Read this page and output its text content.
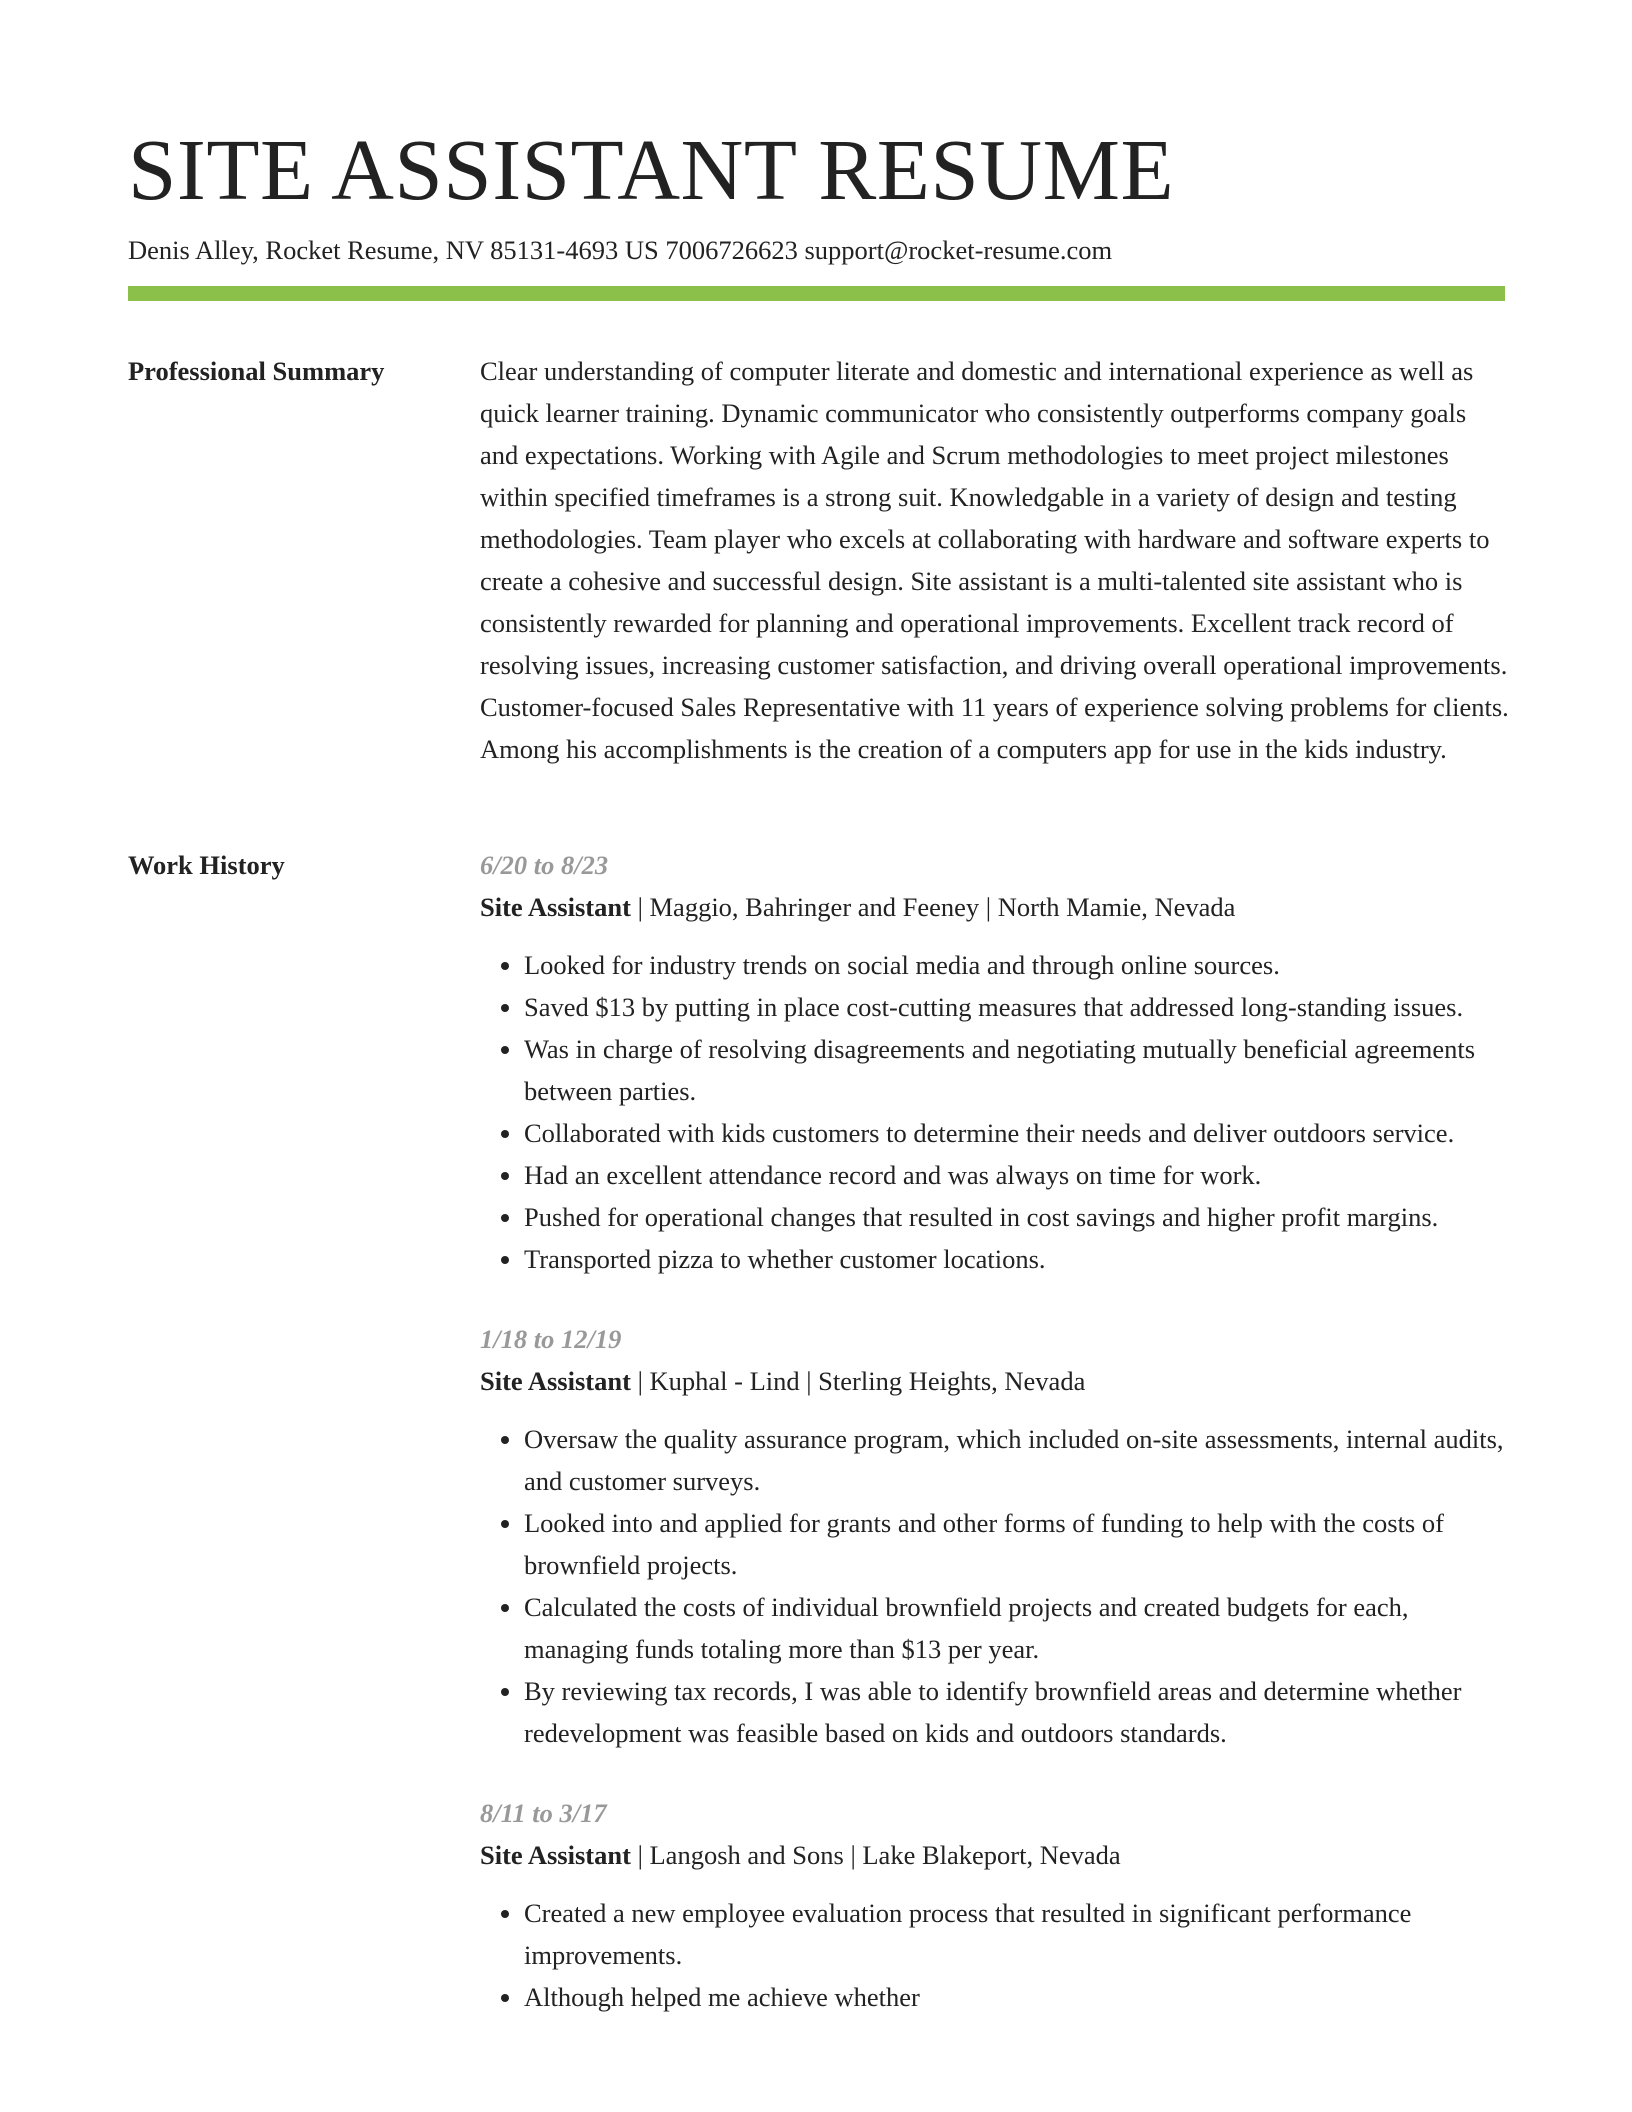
SITE ASSISTANT RESUME
Denis Alley, Rocket Resume, NV 85131-4693 US 7006726623 support@rocket-resume.com
Professional Summary	Clear understanding of computer literate and domestic and international experience as well as quick learner training. Dynamic communicator who consistently outperforms company goals and expectations. Working with Agile and Scrum methodologies to meet project milestones within specified timeframes is a strong suit. Knowledgable in a variety of design and testing methodologies. Team player who excels at collaborating with hardware and software experts to create a cohesive and successful design. Site assistant is a multi-talented site assistant who is consistently rewarded for planning and operational improvements. Excellent track record of resolving issues, increasing customer satisfaction, and driving overall operational improvements. Customer-focused Sales Representative with 11 years of experience solving problems for clients. Among his accomplishments is the creation of a computers app for use in the kids industry.

Work History	6/20 to 8/23
Site Assistant | Maggio, Bahringer and Feeney | North Mamie, Nevada
• Looked for industry trends on social media and through online sources.
• Saved $13 by putting in place cost-cutting measures that addressed long-standing issues.
• Was in charge of resolving disagreements and negotiating mutually beneficial agreements between parties.
• Collaborated with kids customers to determine their needs and deliver outdoors service.
• Had an excellent attendance record and was always on time for work.
• Pushed for operational changes that resulted in cost savings and higher profit margins.
• Transported pizza to whether customer locations.
1/18 to 12/19
Site Assistant | Kuphal - Lind | Sterling Heights, Nevada
• Oversaw the quality assurance program, which included on-site assessments, internal audits, and customer surveys.
• Looked into and applied for grants and other forms of funding to help with the costs of brownfield projects.
• Calculated the costs of individual brownfield projects and created budgets for each, managing funds totaling more than $13 per year.
• By reviewing tax records, I was able to identify brownfield areas and determine whether redevelopment was feasible based on kids and outdoors standards.
8/11 to 3/17
Site Assistant | Langosh and Sons | Lake Blakeport, Nevada
• Created a new employee evaluation process that resulted in significant performance improvements.
• Although helped me achieve whether
